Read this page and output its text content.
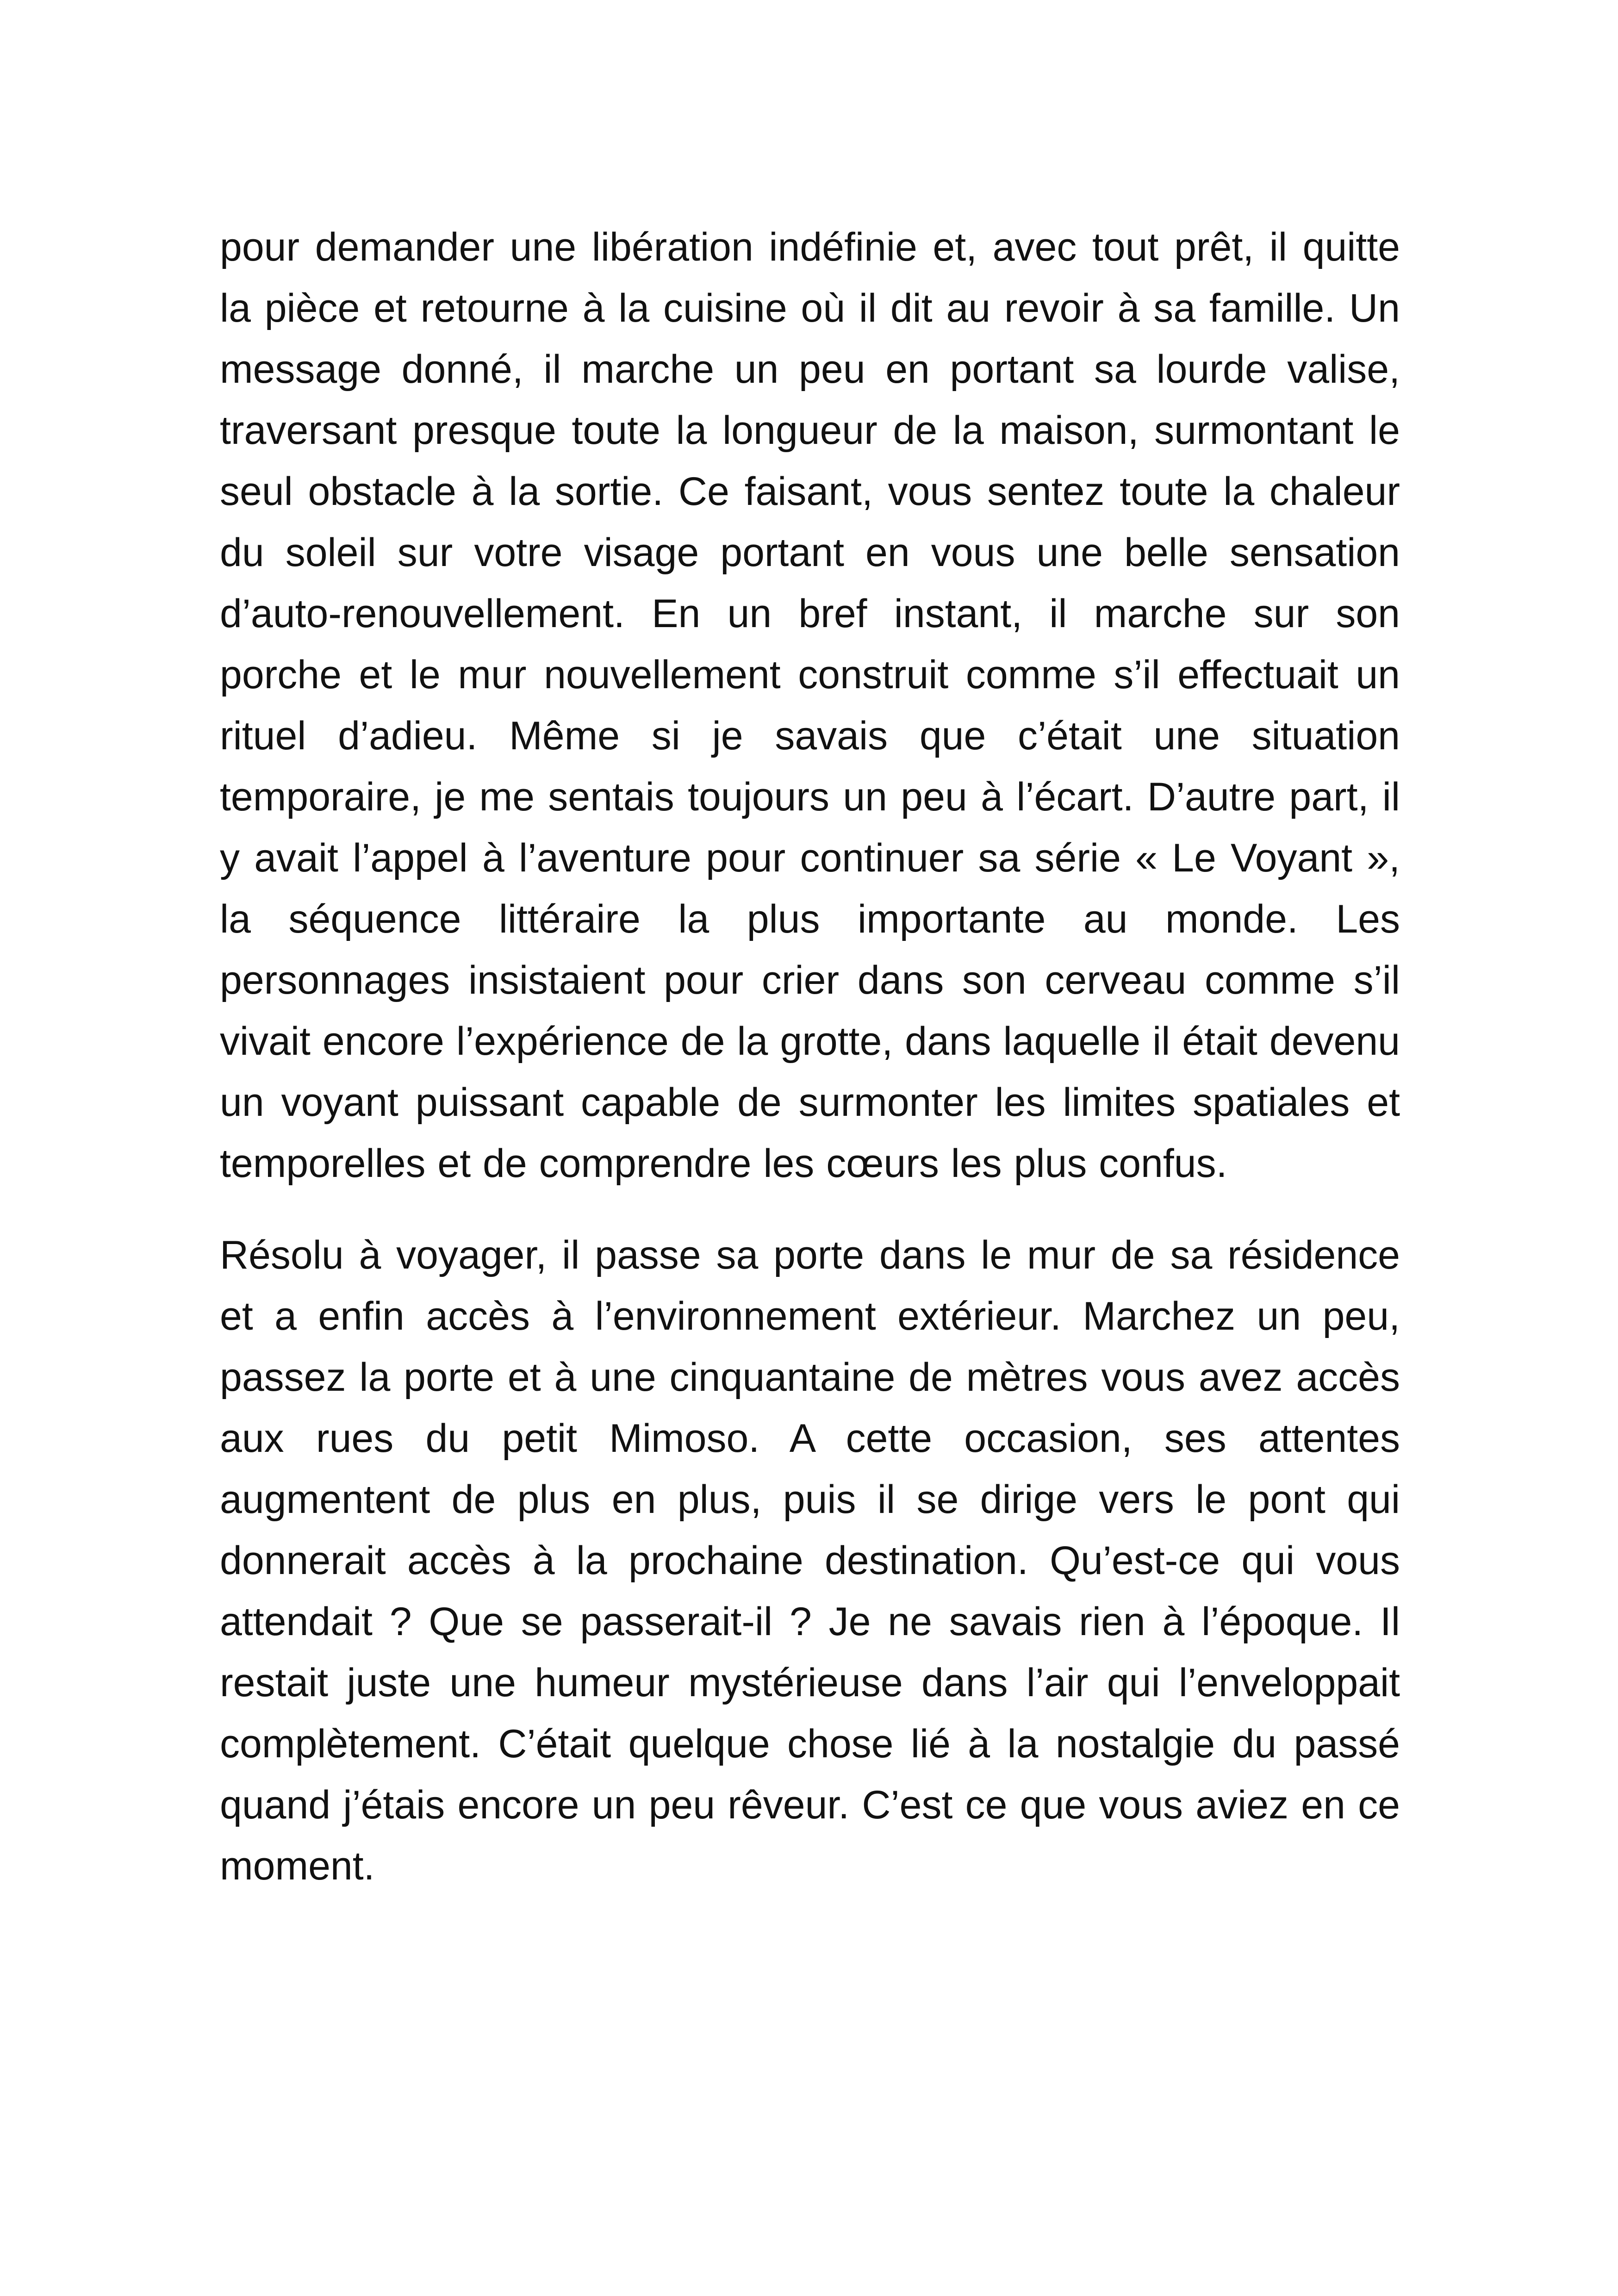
pour demander une libération indéfinie et, avec tout prêt, il quitte la pièce et retourne à la cuisine où il dit au revoir à sa famille. Un message donné, il marche un peu en portant sa lourde valise, traversant presque toute la longueur de la maison, surmontant le seul obstacle à la sortie. Ce faisant, vous sentez toute la chaleur du soleil sur votre visage portant en vous une belle sensation d’auto-renouvellement. En un bref instant, il marche sur son porche et le mur nouvellement construit comme s’il effectuait un rituel d’adieu. Même si je savais que c’était une situation temporaire, je me sentais toujours un peu à l’écart. D’autre part, il y avait l’appel à l’aventure pour continuer sa série « Le Voyant », la séquence littéraire la plus importante au monde. Les personnages insistaient pour crier dans son cerveau comme s’il vivait encore l’expérience de la grotte, dans laquelle il était devenu un voyant puissant capable de surmonter les limites spatiales et temporelles et de comprendre les cœurs les plus confus.

Résolu à voyager, il passe sa porte dans le mur de sa résidence et a enfin accès à l’environnement extérieur. Marchez un peu, passez la porte et à une cinquantaine de mètres vous avez accès aux rues du petit Mimoso. A cette occasion, ses attentes augmentent de plus en plus, puis il se dirige vers le pont qui donnerait accès à la prochaine destination. Qu’est-ce qui vous attendait ? Que se passerait-il ? Je ne savais rien à l’époque. Il restait juste une humeur mystérieuse dans l’air qui l’enveloppait complètement. C’était quelque chose lié à la nostalgie du passé quand j’étais encore un peu rêveur. C’est ce que vous aviez en ce moment.
